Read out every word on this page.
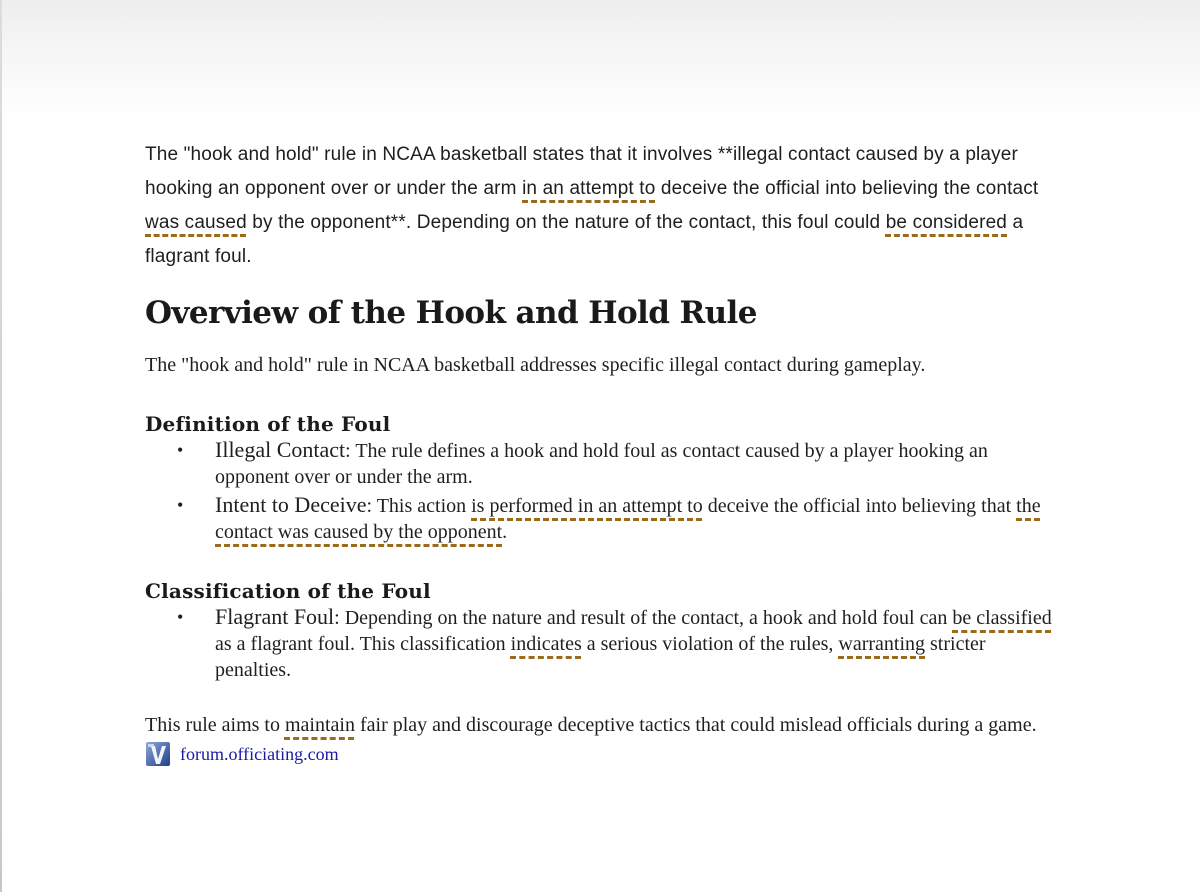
The "hook and hold" rule in NCAA basketball states that it involves **illegal contact caused by a player hooking an opponent over or under the arm in an attempt to deceive the official into believing the contact was caused by the opponent**. Depending on the nature of the contact, this foul could be considered a flagrant foul.

Overview of the Hook and Hold Rule

The "hook and hold" rule in NCAA basketball addresses specific illegal contact during gameplay.

Definition of the Foul
• Illegal Contact: The rule defines a hook and hold foul as contact caused by a player hooking an opponent over or under the arm.
• Intent to Deceive: This action is performed in an attempt to deceive the official into believing that the contact was caused by the opponent.
Classification of the Foul
• Flagrant Foul: Depending on the nature and result of the contact, a hook and hold foul can be classified as a flagrant foul. This classification indicates a serious violation of the rules, warranting stricter penalties.

This rule aims to maintain fair play and discourage deceptive tactics that could mislead officials during a game.

forum.officiating.com
